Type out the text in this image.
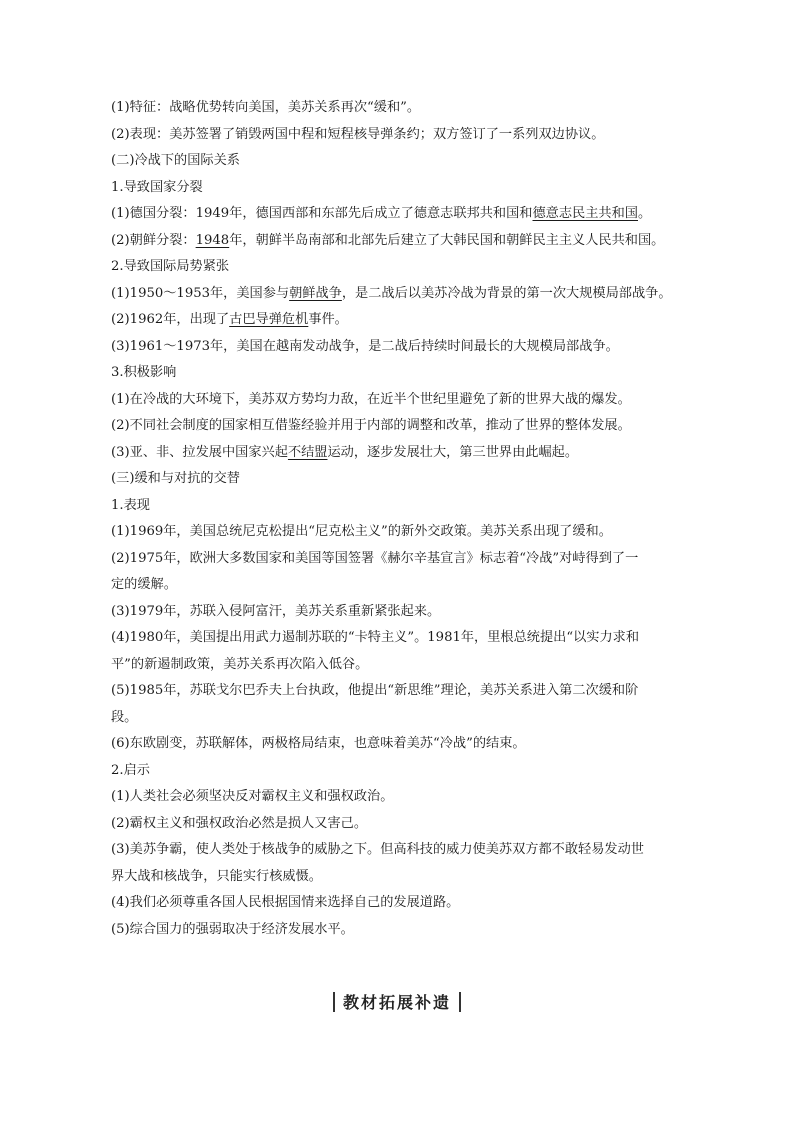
(1)特征：战略优势转向美国，美苏关系再次“缓和”。
(2)表现：美苏签署了销毁两国中程和短程核导弹条约；双方签订了一系列双边协议。
(二)冷战下的国际关系
1.导致国家分裂
(1)德国分裂：1949年，德国西部和东部先后成立了德意志联邦共和国和德意志民主共和国。
(2)朝鲜分裂：1948年，朝鲜半岛南部和北部先后建立了大韩民国和朝鲜民主主义人民共和国。
2.导致国际局势紧张
(1)1950～1953年，美国参与朝鲜战争，是二战后以美苏冷战为背景的第一次大规模局部战争。
(2)1962年，出现了古巴导弹危机事件。
(3)1961～1973年，美国在越南发动战争，是二战后持续时间最长的大规模局部战争。
3.积极影响
(1)在冷战的大环境下，美苏双方势均力敌，在近半个世纪里避免了新的世界大战的爆发。
(2)不同社会制度的国家相互借鉴经验并用于内部的调整和改革，推动了世界的整体发展。
(3)亚、非、拉发展中国家兴起不结盟运动，逐步发展壮大，第三世界由此崛起。
(三)缓和与对抗的交替
1.表现
(1)1969年，美国总统尼克松提出“尼克松主义”的新外交政策。美苏关系出现了缓和。
(2)1975年，欧洲大多数国家和美国等国签署《赫尔辛基宣言》标志着“冷战”对峙得到了一
定的缓解。
(3)1979年，苏联入侵阿富汗，美苏关系重新紧张起来。
(4)1980年，美国提出用武力遏制苏联的“卡特主义”。1981年，里根总统提出“以实力求和
平”的新遏制政策，美苏关系再次陷入低谷。
(5)1985年，苏联戈尔巴乔夫上台执政，他提出“新思维”理论，美苏关系进入第二次缓和阶
段。
(6)东欧剧变，苏联解体，两极格局结束，也意味着美苏“冷战”的结束。
2.启示
(1)人类社会必须坚决反对霸权主义和强权政治。
(2)霸权主义和强权政治必然是损人又害己。
(3)美苏争霸，使人类处于核战争的威胁之下。但高科技的威力使美苏双方都不敢轻易发动世
界大战和核战争，只能实行核威慑。
(4)我们必须尊重各国人民根据国情来选择自己的发展道路。
(5)综合国力的强弱取决于经济发展水平。
教材拓展补遗
